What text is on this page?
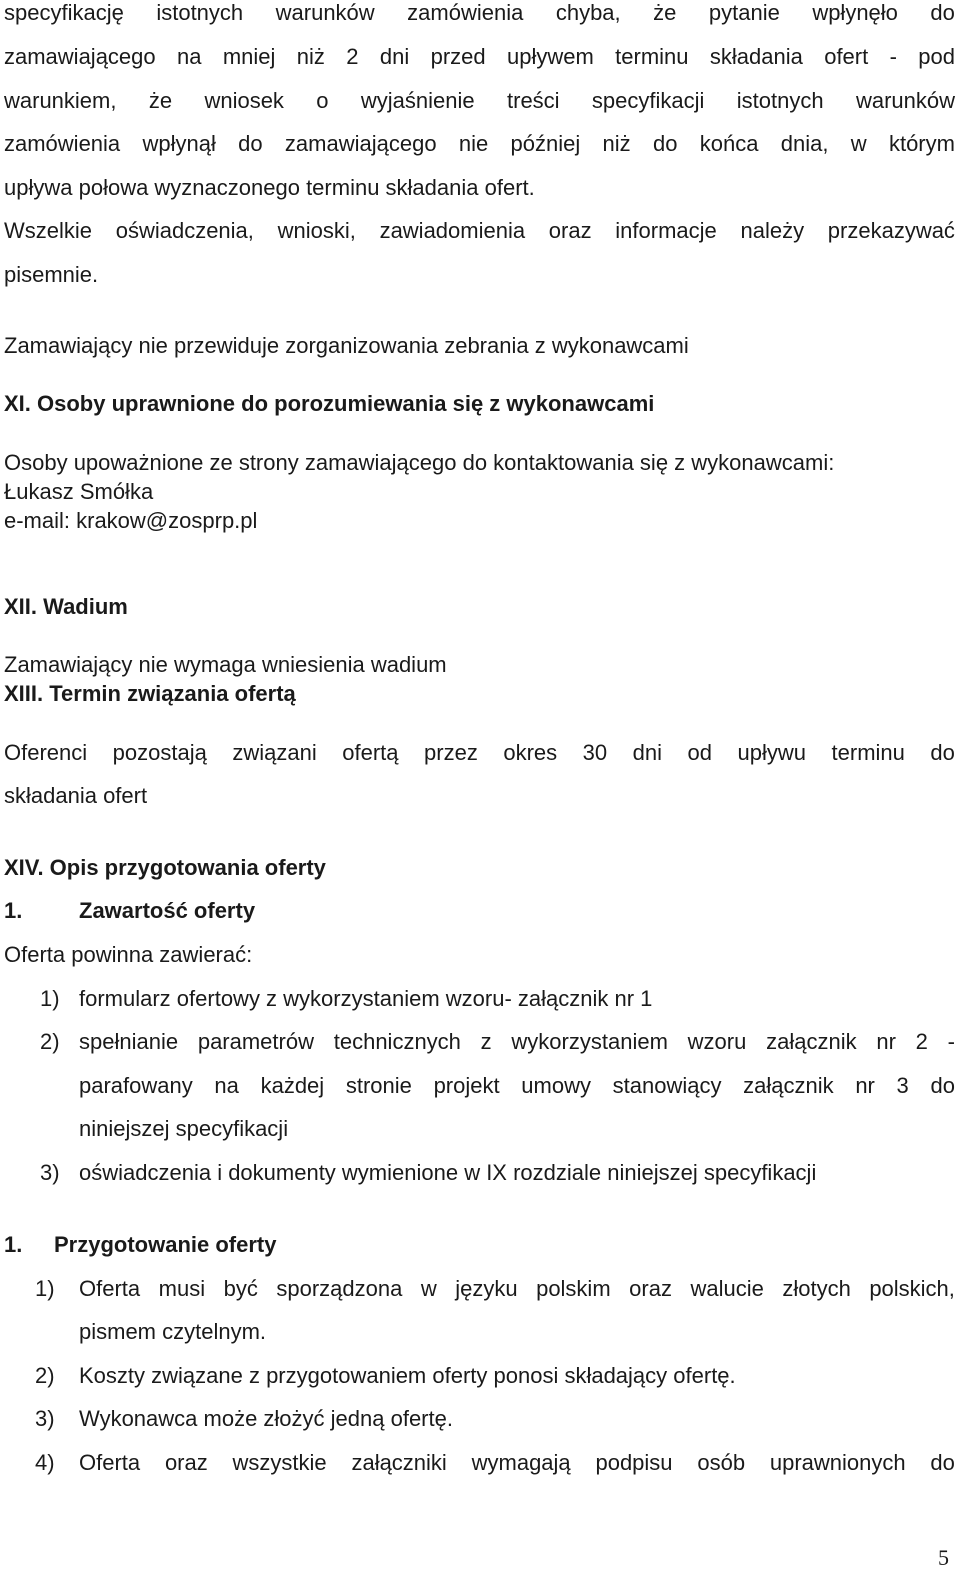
specyfikację istotnych warunków zamówienia chyba, że pytanie wpłynęło do
zamawiającego na mniej niż 2 dni przed upływem terminu składania ofert - pod
warunkiem, że wniosek o wyjaśnienie treści specyfikacji istotnych warunków
zamówienia wpłynął do zamawiającego nie później niż do końca dnia, w którym
upływa połowa wyznaczonego terminu składania ofert.
Wszelkie oświadczenia, wnioski, zawiadomienia oraz informacje należy przekazywać
pisemnie.
Zamawiający nie przewiduje zorganizowania zebrania z wykonawcami
XI. Osoby uprawnione do porozumiewania się z wykonawcami
Osoby upoważnione ze strony zamawiającego do kontaktowania się z wykonawcami:
Łukasz Smółka
e-mail: krakow@zosprp.pl
XII. Wadium
Zamawiający nie wymaga wniesienia wadium
XIII. Termin związania ofertą
Oferenci pozostają związani ofertą przez okres 30 dni od upływu terminu do
składania ofert
XIV. Opis przygotowania oferty
1.	Zawartość oferty
Oferta powinna zawierać:
1) formularz ofertowy z wykorzystaniem wzoru- załącznik nr 1
2) spełnianie parametrów technicznych z wykorzystaniem wzoru załącznik nr 2 -
parafowany na każdej stronie projekt umowy stanowiący załącznik nr 3 do
niniejszej specyfikacji
3) oświadczenia i dokumenty wymienione w IX rozdziale niniejszej specyfikacji
1. Przygotowanie oferty
1) Oferta musi być sporządzona w języku polskim oraz walucie złotych polskich,
pismem czytelnym.
2) Koszty związane z przygotowaniem oferty ponosi składający ofertę.
3) Wykonawca może złożyć jedną ofertę.
4) Oferta oraz wszystkie załączniki wymagają podpisu osób uprawnionych do
5
